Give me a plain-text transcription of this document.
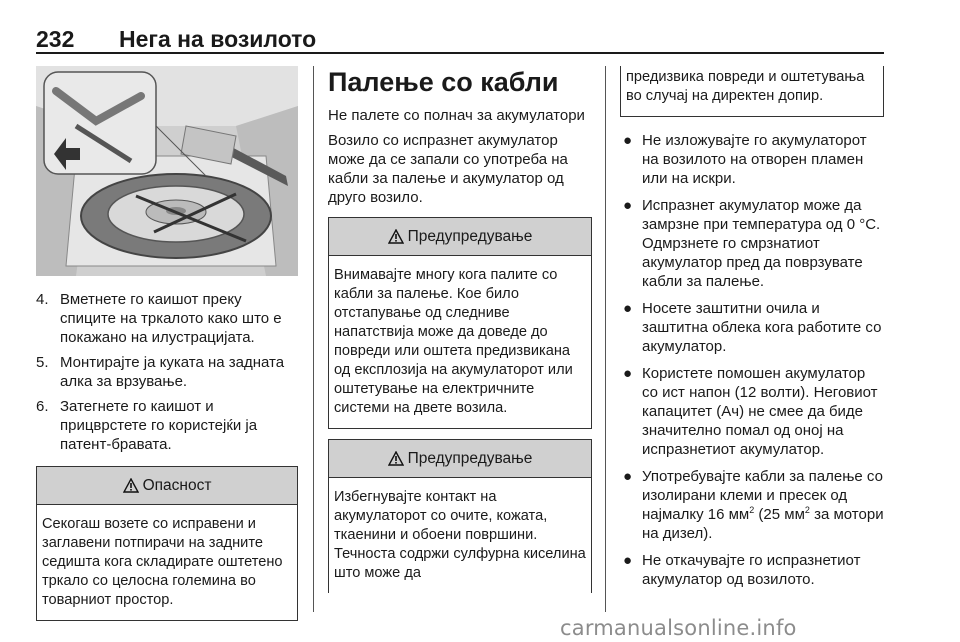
232 Нега на возилото
4. Вметнете го каишот преку спиците на тркалото како што е покажано на илустрацијата.
5. Монтирајте ја куката на задната алка за врзување.
6. Затегнете го каишот и прицврстете го користејќи ја патент-бравата.
Опасност
Секогаш возете со исправени и заглавени потпирачи на задните седишта кога складирате оштетено тркало со целосна големина во товарниот простор.
Палење со кабли

Не палете со полнач за акумулатори

Возило со испразнет акумулатор може да се запали со употреба на кабли за палење и акумулатор од друго возило.

Предупредување
Внимавајте многу кога палите со кабли за палење. Кое било отстапување од следниве напатствија може да доведе до повреди или оштета предизвикана од експлозија на акумулаторот или оштетување на електричните системи на двете возила.
Предупредување
Избегнувајте контакт на акумулаторот со очите, кожата, ткаенини и обоени површини. Течноста содржи сулфурна киселина што може да
предизвика повреди и оштетувања во случај на директен допир.
● Не изложувајте го акумулаторот на возилото на отворен пламен или на искри.
● Испразнет акумулатор може да замрзне при температура од 0 °C. Одмрзнете го смрзнатиот акумулатор пред да поврзувате кабли за палење.
● Носете заштитни очила и заштитна облека кога работите со акумулатор.
● Користете помошен акумулатор со ист напон (12 волти). Неговиот капацитет (Ач) не смее да биде значително помал од оној на испразнетиот акумулатор.
● Употребувајте кабли за палење со изолирани клеми и пресек од најмалку 16 $мм^2$ (25 $мм^2$ за мотори на дизел).
● Не откачувајте го испразнетиот акумулатор од возилото.
carmanualsonline.info
